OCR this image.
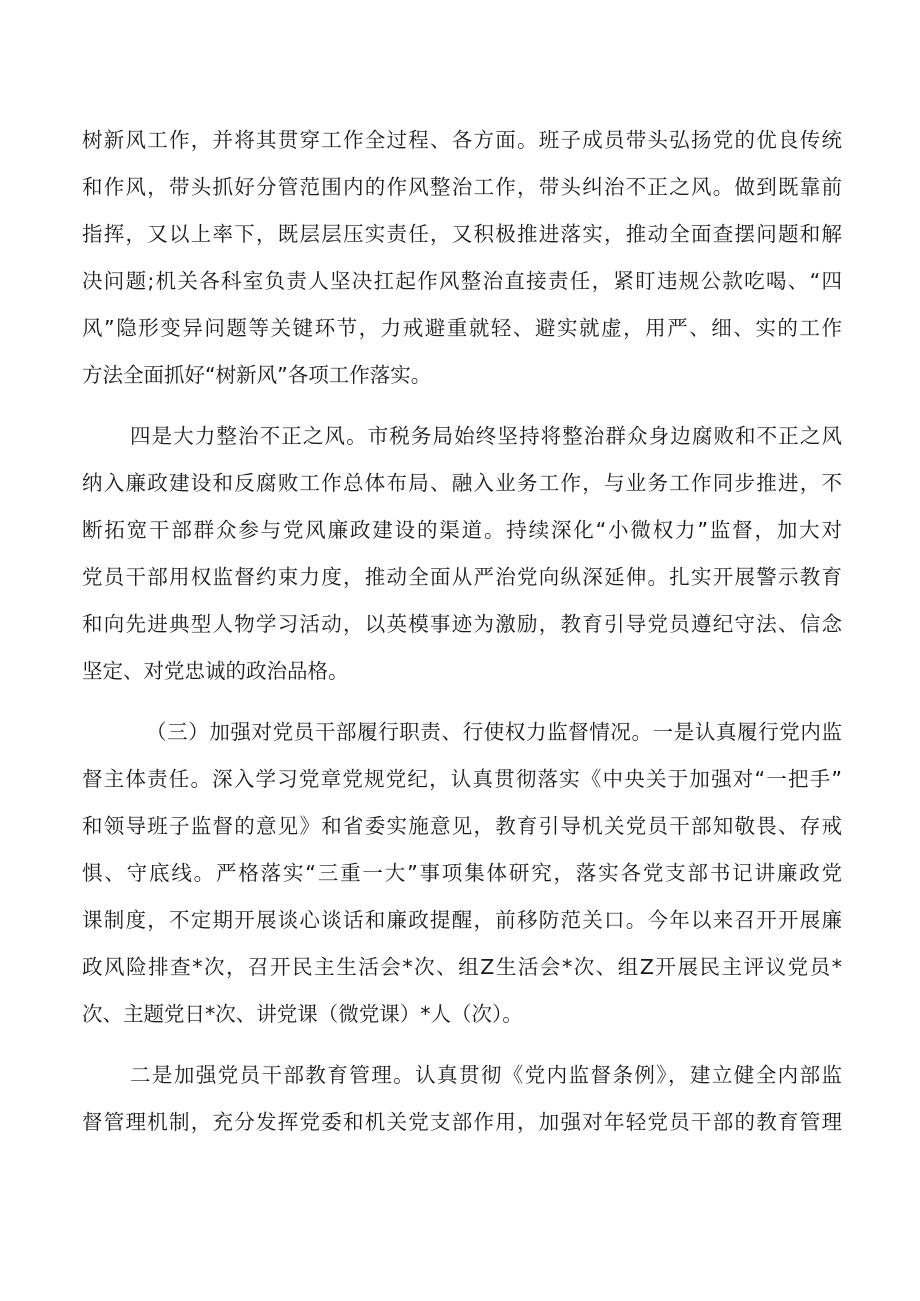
树新风工作，并将其贯穿工作全过程、各方面。班子成员带头弘扬党的优良传统
和作风，带头抓好分管范围内的作风整治工作，带头纠治不正之风。做到既靠前
指挥，又以上率下，既层层压实责任，又积极推进落实，推动全面查摆问题和解
决问题;机关各科室负责人坚决扛起作风整治直接责任，紧盯违规公款吃喝、“四
风”隐形变异问题等关键环节，力戒避重就轻、避实就虚，用严、细、实的工作
方法全面抓好“树新风”各项工作落实。
四是大力整治不正之风。市税务局始终坚持将整治群众身边腐败和不正之风
纳入廉政建设和反腐败工作总体布局、融入业务工作，与业务工作同步推进，不
断拓宽干部群众参与党风廉政建设的渠道。持续深化“小微权力”监督，加大对
党员干部用权监督约束力度，推动全面从严治党向纵深延伸。扎实开展警示教育
和向先进典型人物学习活动，以英模事迹为激励，教育引导党员遵纪守法、信念
坚定、对党忠诚的政治品格。
（三）加强对党员干部履行职责、行使权力监督情况。一是认真履行党内监
督主体责任。深入学习党章党规党纪，认真贯彻落实《中央关于加强对“一把手”
和领导班子监督的意见》和省委实施意见，教育引导机关党员干部知敬畏、存戒
惧、守底线。严格落实“三重一大”事项集体研究，落实各党支部书记讲廉政党
课制度，不定期开展谈心谈话和廉政提醒，前移防范关口。今年以来召开开展廉
政风险排查*次，召开民主生活会*次、组Z生活会*次、组Z开展民主评议党员*
次、主题党日*次、讲党课（微党课）*人（次）。
二是加强党员干部教育管理。认真贯彻《党内监督条例》，建立健全内部监
督管理机制，充分发挥党委和机关党支部作用，加强对年轻党员干部的教育管理
